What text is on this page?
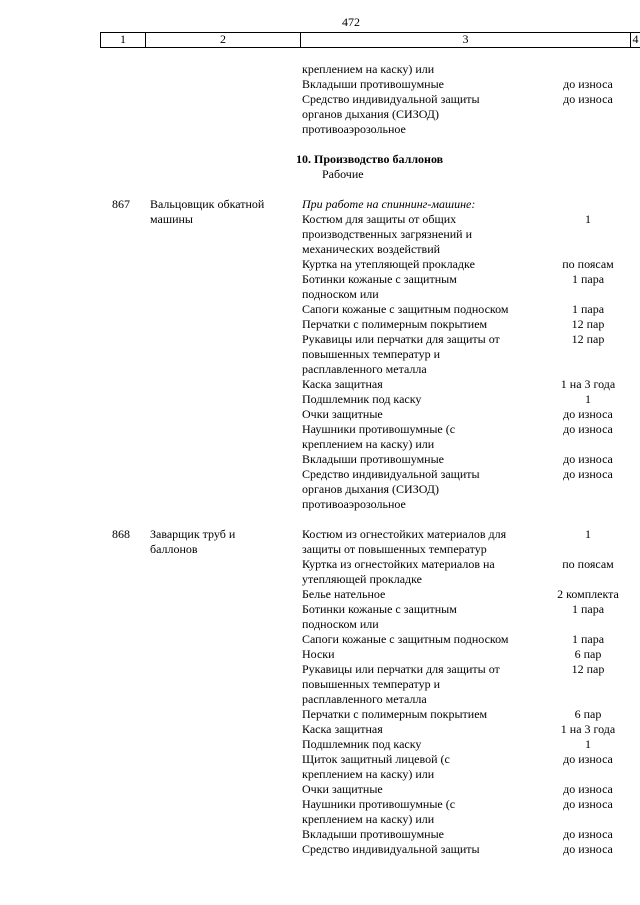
472
1	2	3	4
креплением на каску) или
Вкладыши противошумные	до износа
Средство индивидуальной защиты	до износа
органов дыхания (СИЗОД)
противоаэрозольное
10. Производство баллонов
Рабочие
867	Вальцовщик обкатной	При работе на спиннинг-машине:
машины	Костюм для защиты от общих	1
производственных загрязнений и
механических воздействий
Куртка на утепляющей прокладке	по поясам
Ботинки кожаные с защитным	1 пара
подноском или
Сапоги кожаные с защитным подноском	1 пара
Перчатки с полимерным покрытием	12 пар
Рукавицы или перчатки для защиты от	12 пар
повышенных температур и
расплавленного металла
Каска защитная	1 на 3 года
Подшлемник под каску	1
Очки защитные	до износа
Наушники противошумные (с	до износа
креплением на каску) или
Вкладыши противошумные	до износа
Средство индивидуальной защиты	до износа
органов дыхания (СИЗОД)
противоаэрозольное
868	Заварщик труб и	Костюм из огнестойких материалов для	1
баллонов	защиты от повышенных температур
Куртка из огнестойких материалов на	по поясам
утепляющей прокладке
Белье нательное	2 комплекта
Ботинки кожаные с защитным	1 пара
подноском или
Сапоги кожаные с защитным подноском	1 пара
Носки	6 пар
Рукавицы или перчатки для защиты от	12 пар
повышенных температур и
расплавленного металла
Перчатки с полимерным покрытием	6 пар
Каска защитная	1 на 3 года
Подшлемник под каску	1
Щиток защитный лицевой (с	до износа
креплением на каску) или
Очки защитные	до износа
Наушники противошумные (с	до износа
креплением на каску) или
Вкладыши противошумные	до износа
Средство индивидуальной защиты	до износа
